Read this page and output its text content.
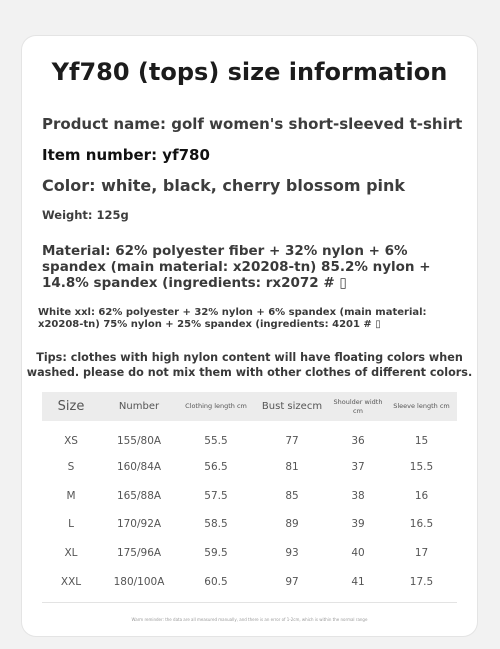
Yf780 (tops) size information
Product name: golf women's short-sleeved t-shirt
Item number: yf780
Color: white, black, cherry blossom pink
Weight: 125g
Material: 62% polyester fiber + 32% nylon + 6% spandex (main material: x20208-tn) 85.2% nylon + 14.8% spandex (ingredients: rx2072 # ▯
White xxl: 62% polyester + 32% nylon + 6% spandex (main material: x20208-tn) 75% nylon + 25% spandex (ingredients: 4201 # ▯
Tips: clothes with high nylon content will have floating colors when washed. please do not mix them with other clothes of different colors.
Size	Number	Clothing length cm	Bust sizecm	Shoulder width cm	Sleeve length cm
XS	155/80A	55.5	77	36	15
S	160/84A	56.5	81	37	15.5
M	165/88A	57.5	85	38	16
L	170/92A	58.5	89	39	16.5
XL	175/96A	59.5	93	40	17
XXL	180/100A	60.5	97	41	17.5
Warm reminder: the data are all measured manually, and there is an error of 1-2cm, which is within the normal range
